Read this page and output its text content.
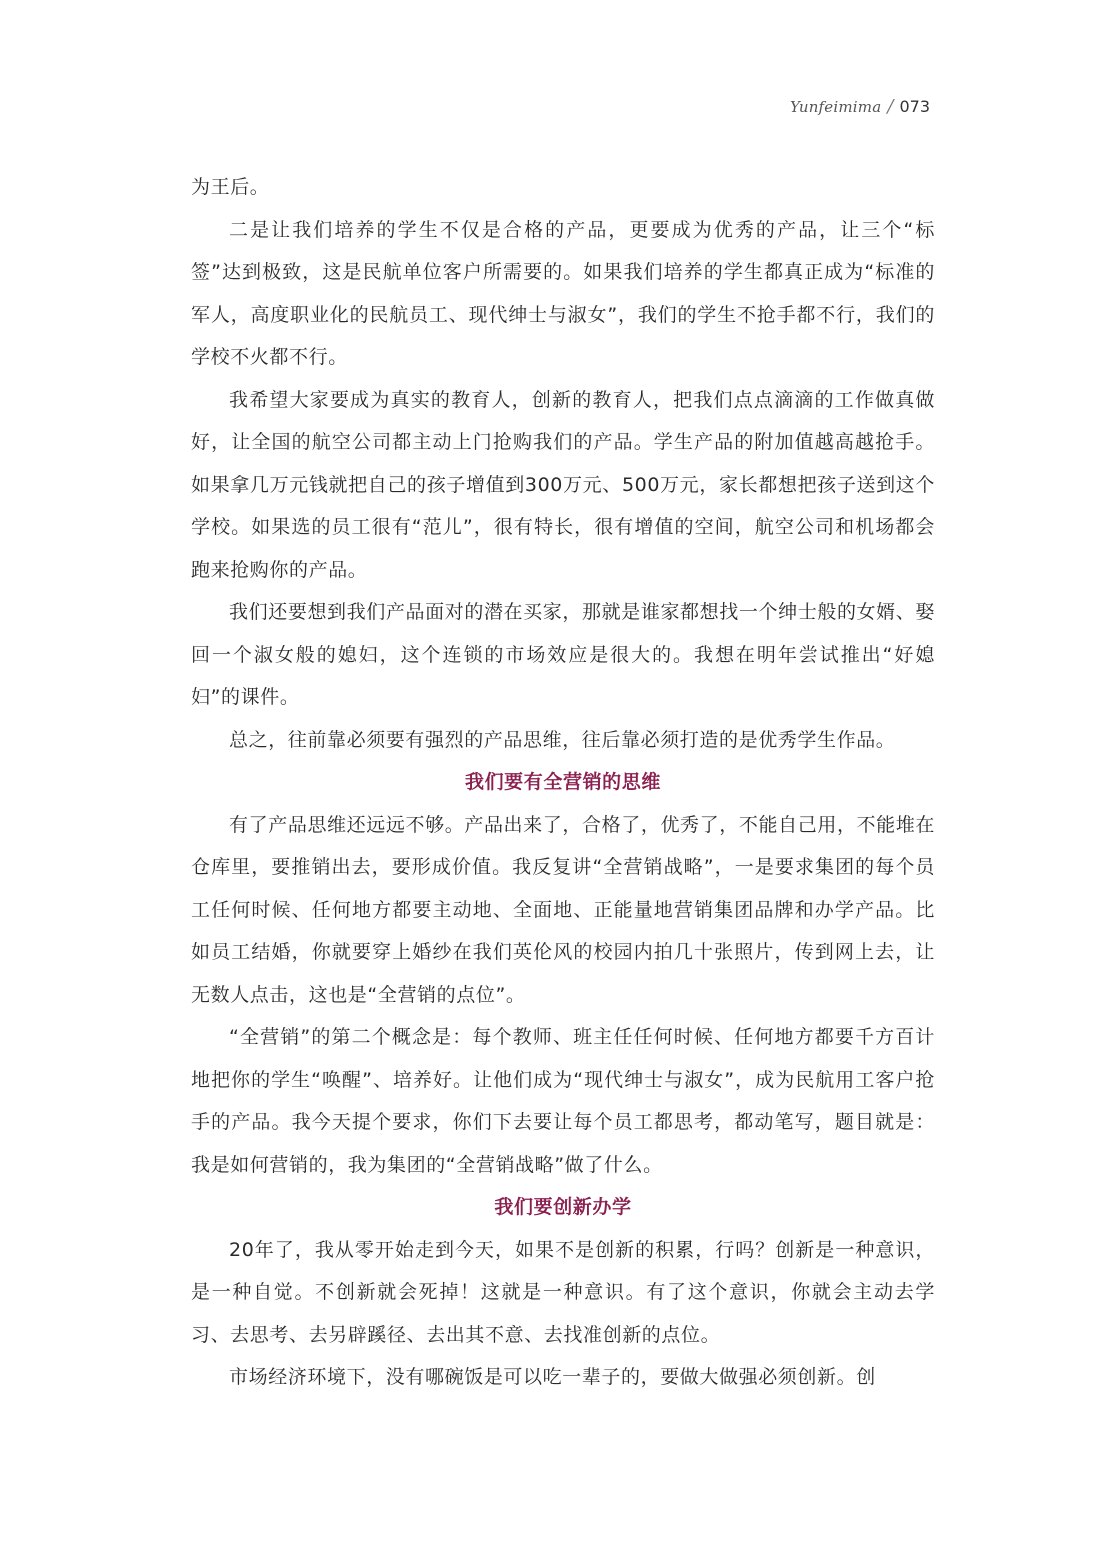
Yunfeimima / 073

为王后。

二是让我们培养的学生不仅是合格的产品，更要成为优秀的产品，让三个“标签”达到极致，这是民航单位客户所需要的。如果我们培养的学生都真正成为“标准的军人，高度职业化的民航员工、现代绅士与淑女”，我们的学生不抢手都不行，我们的学校不火都不行。

我希望大家要成为真实的教育人，创新的教育人，把我们点点滴滴的工作做真做好，让全国的航空公司都主动上门抢购我们的产品。学生产品的附加值越高越抢手。如果拿几万元钱就把自己的孩子增值到300万元、500万元，家长都想把孩子送到这个学校。如果选的员工很有“范儿”，很有特长，很有增值的空间，航空公司和机场都会跑来抢购你的产品。

我们还要想到我们产品面对的潜在买家，那就是谁家都想找一个绅士般的女婿、娶回一个淑女般的媳妇，这个连锁的市场效应是很大的。我想在明年尝试推出“好媳妇”的课件。

总之，往前靠必须要有强烈的产品思维，往后靠必须打造的是优秀学生作品。

我们要有全营销的思维

有了产品思维还远远不够。产品出来了，合格了，优秀了，不能自己用，不能堆在仓库里，要推销出去，要形成价值。我反复讲“全营销战略”，一是要求集团的每个员工任何时候、任何地方都要主动地、全面地、正能量地营销集团品牌和办学产品。比如员工结婚，你就要穿上婚纱在我们英伦风的校园内拍几十张照片，传到网上去，让无数人点击，这也是“全营销的点位”。

“全营销”的第二个概念是：每个教师、班主任任何时候、任何地方都要千方百计地把你的学生“唤醒”、培养好。让他们成为“现代绅士与淑女”，成为民航用工客户抢手的产品。我今天提个要求，你们下去要让每个员工都思考，都动笔写，题目就是：我是如何营销的，我为集团的“全营销战略”做了什么。

我们要创新办学

20年了，我从零开始走到今天，如果不是创新的积累，行吗？创新是一种意识，是一种自觉。不创新就会死掉！这就是一种意识。有了这个意识，你就会主动去学习、去思考、去另辟蹊径、去出其不意、去找准创新的点位。

市场经济环境下，没有哪碗饭是可以吃一辈子的，要做大做强必须创新。创
